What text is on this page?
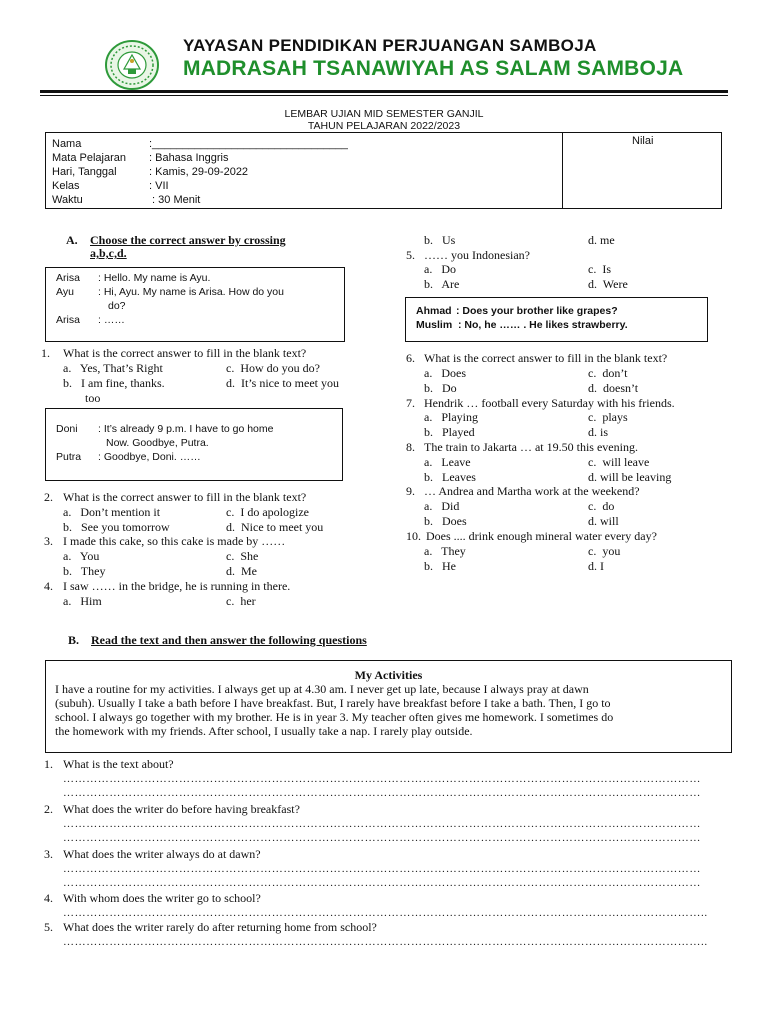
YAYASAN PENDIDIKAN PERJUANGAN SAMBOJA
MADRASAH TSANAWIYAH AS SALAM SAMBOJA
LEMBAR UJIAN MID SEMESTER GANJIL
TAHUN PELAJARAN 2022/2023
Nama	:________________________________
Mata Pelajaran : Bahasa Inggris
Hari, Tanggal	: Kamis, 29-09-2022
Kelas	: VII
Waktu	: 30 Menit
Nilai
A. Choose the correct answer by crossing
a,b,c,d.
Arisa : Hello. My name is Ayu.
Ayu : Hi, Ayu. My name is Arisa. How do you
do?
Arisa : ……
1. What is the correct answer to fill in the blank text?
a.   Yes, That’s Right	c.  How do you do?
b.   I am fine, thanks.	d.  It’s nice to meet you
too
Doni : It’s already 9 p.m. I have to go home
Now. Goodbye, Putra.
Putra : Goodbye, Doni. ……
2. What is the correct answer to fill in the blank text?
a.   Don’t mention it	c.  I do apologize
b.   See you tomorrow	d.  Nice to meet you
3. I made this cake, so this cake is made by ……
a.   You	c.  She
b.   They	d.  Me
4. I saw …… in the bridge, he is running in there.
a.   Him	c.  her
b.   Us	d. me
5. …… you Indonesian?
a.   Do	c.  Is
b.   Are	d.  Were
Ahmad : Does your brother like grapes?
Muslim : No, he …… . He likes strawberry.
6. What is the correct answer to fill in the blank text?
a.   Does	c.  don’t
b.   Do	d.  doesn’t
7. Hendrik … football every Saturday with his friends.
a.   Playing	c.  plays
b.   Played	d. is
8. The train to Jakarta … at 19.50 this evening.
a.   Leave	c.  will leave
b.   Leaves	d. will be leaving
9. … Andrea and Martha work at the weekend?
a.   Did	c.  do
b.   Does	d. will
10. Does .... drink enough mineral water every day?
a.   They	c.  you
b.   He	d. I
B. Read the text and then answer the following questions
My Activities
I have a routine for my activities. I always get up at 4.30 am. I never get up late, because I always pray at dawn
(subuh). Usually I take a bath before I have breakfast. But, I rarely have breakfast before I take a bath. Then, I go to
school. I always go together with my brother. He is in year 3. My teacher often gives me homework. I sometimes do
the homework with my friends. After school, I usually take a nap. I rarely play outside.
1. What is the text about?
…………………………………………………………………………………………………………………………………………………
…………………………………………………………………………………………………………………………………………………
2. What does the writer do before having breakfast?
…………………………………………………………………………………………………………………………………………………
…………………………………………………………………………………………………………………………………………………
3. What does the writer always do at dawn?
…………………………………………………………………………………………………………………………………………………
…………………………………………………………………………………………………………………………………………………
4. With whom does the writer go to school?
…………………………………………………………………………………………………………………………………………………..
5. What does the writer rarely do after returning home from school?
…………………………………………………………………………………………………………………………………………………..
